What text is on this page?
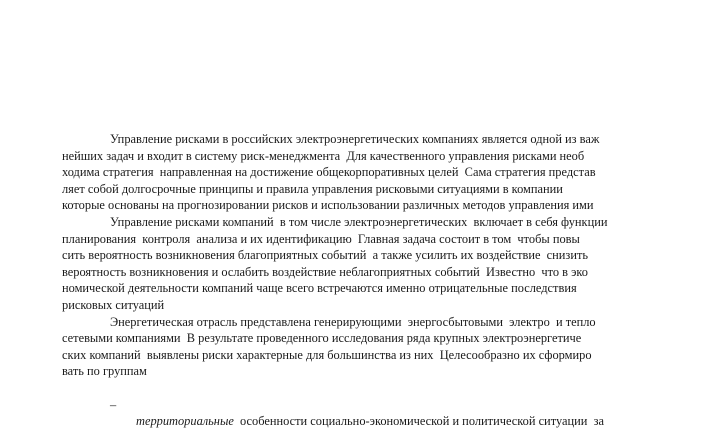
Управление рисками в российских электроэнергетических компаниях является одной из важ
нейших задач и входит в систему риск-менеджмента  Для качественного управления рисками необ
ходима стратегия  направленная на достижение общекорпоративных целей  Сама стратегия представ
ляет собой долгосрочные принципы и правила управления рисковыми ситуациями в компании
которые основаны на прогнозировании рисков и использовании различных методов управления ими
Управление рисками компаний  в том числе электроэнергетических  включает в себя функции
планирования  контроля  анализа и их идентификацию  Главная задача состоит в том  чтобы повы
сить вероятность возникновения благоприятных событий  а также усилить их воздействие  снизить
вероятность возникновения и ослабить воздействие неблагоприятных событий  Известно  что в эко
номической деятельности компаний чаще всего встречаются именно отрицательные последствия
рисковых ситуаций
Энергетическая отрасль представлена генерирующими  энергосбытовыми  электро  и тепло
сетевыми компаниями  В результате проведенного исследования ряда крупных электроэнергетиче
ских компаний  выявлены риски характерные для большинства из них  Целесообразно их сформиро
вать по группам

–

территориальные  особенности социально-экономической и политической ситуации  за
